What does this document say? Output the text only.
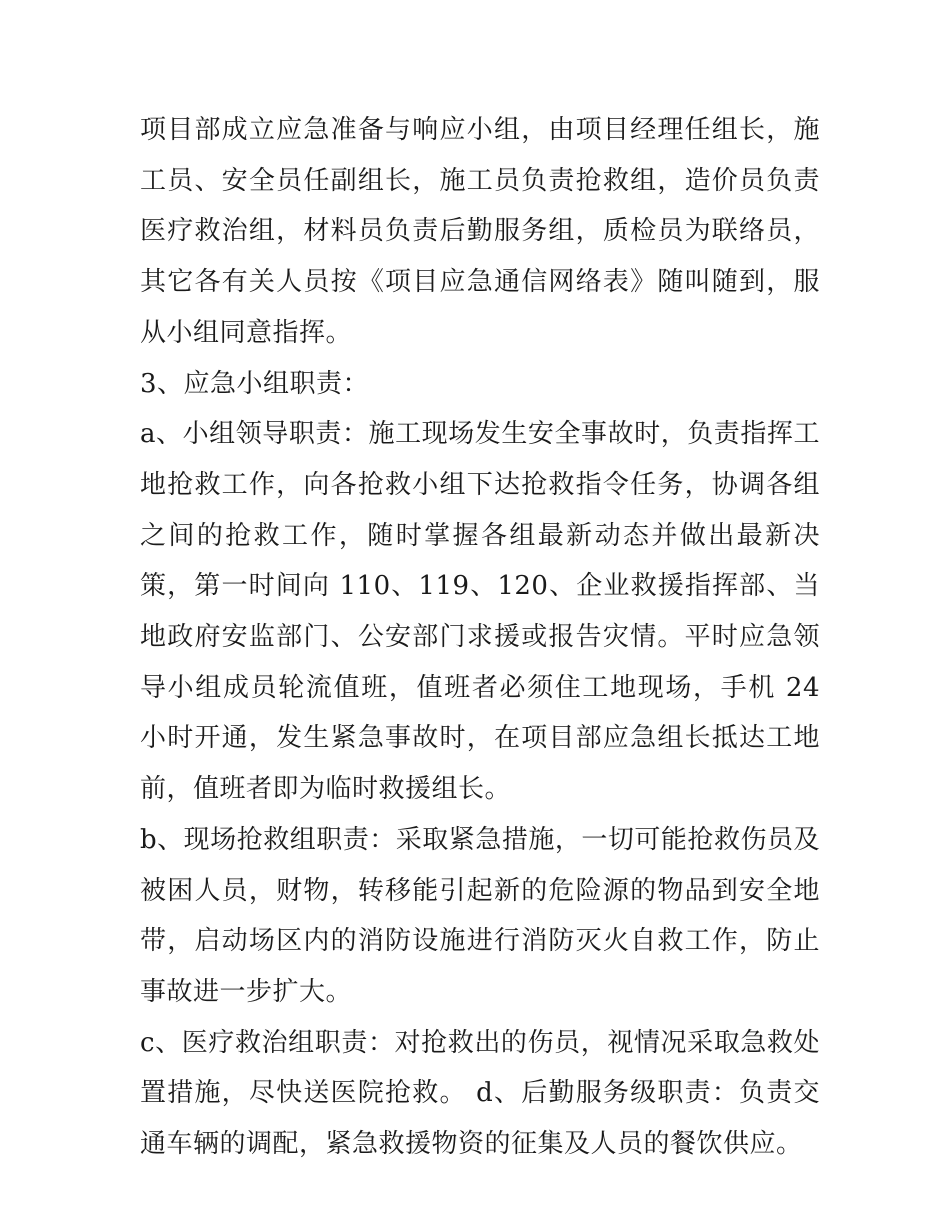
项目部成立应急准备与响应小组，由项目经理任组长，施工员、安全员任副组长，施工员负责抢救组，造价员负责医疗救治组，材料员负责后勤服务组，质检员为联络员，其它各有关人员按《项目应急通信网络表》随叫随到，服从小组同意指挥。

3、应急小组职责：

a、小组领导职责：施工现场发生安全事故时，负责指挥工地抢救工作，向各抢救小组下达抢救指令任务，协调各组之间的抢救工作，随时掌握各组最新动态并做出最新决策，第一时间向 110、119、120、企业救援指挥部、当地政府安监部门、公安部门求援或报告灾情。平时应急领导小组成员轮流值班，值班者必须住工地现场，手机 24 小时开通，发生紧急事故时，在项目部应急组长抵达工地前，值班者即为临时救援组长。

b、现场抢救组职责：采取紧急措施，一切可能抢救伤员及被困人员，财物，转移能引起新的危险源的物品到安全地带，启动场区内的消防设施进行消防灭火自救工作，防止事故进一步扩大。

c、医疗救治组职责：对抢救出的伤员，视情况采取急救处置措施，尽快送医院抢救。 d、后勤服务级职责：负责交通车辆的调配，紧急救援物资的征集及人员的餐饮供应。
